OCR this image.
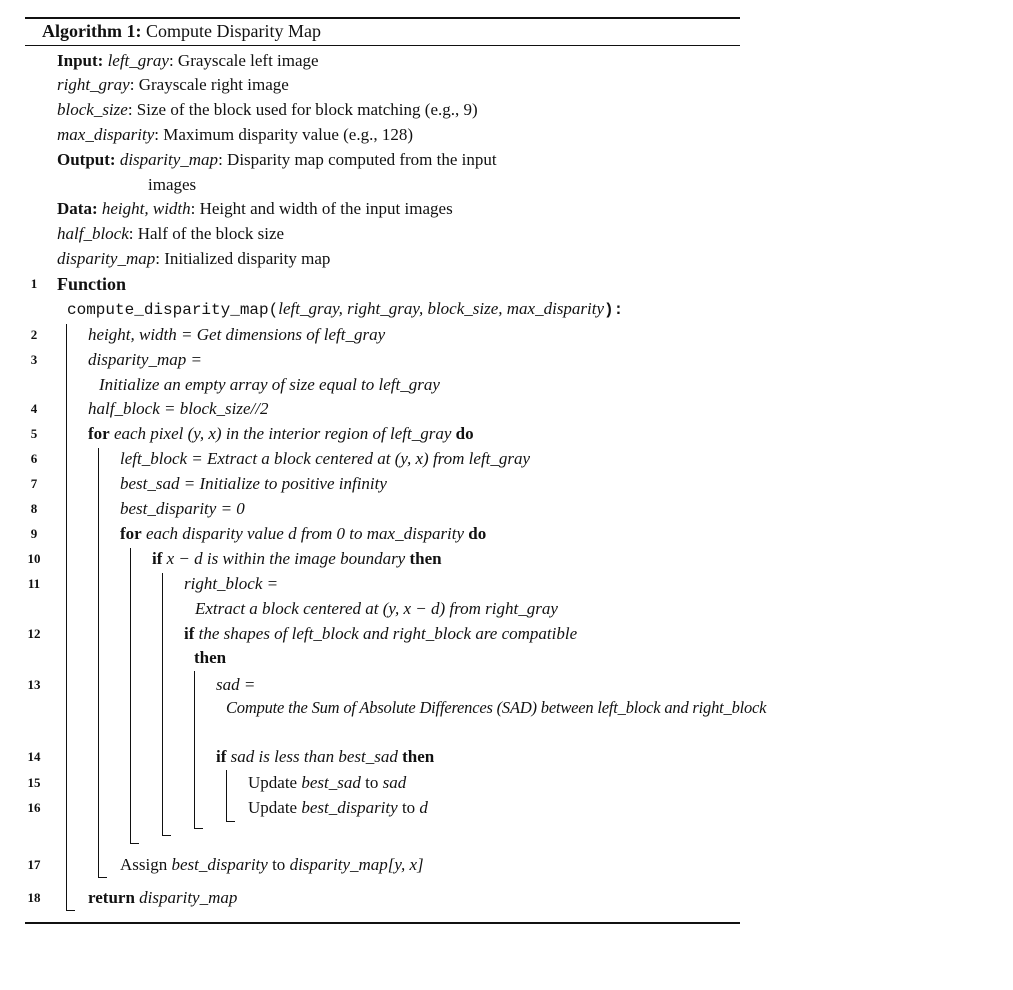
Algorithm 1: Compute Disparity Map
Input: left_gray: Grayscale left image
right_gray: Grayscale right image
block_size: Size of the block used for block matching (e.g., 9)
max_disparity: Maximum disparity value (e.g., 128)
Output: disparity_map: Disparity map computed from the input
images
Data: height, width: Height and width of the input images
half_block: Half of the block size
disparity_map: Initialized disparity map
1	Function
compute_disparity_map(left_gray, right_gray, block_size, max_disparity):
2	height, width = Get dimensions of left_gray
3	disparity_map =
Initialize an empty array of size equal to left_gray
4	half_block = block_size//2
5	for each pixel (y, x) in the interior region of left_gray do
6	left_block = Extract a block centered at (y, x) from left_gray
7	best_sad = Initialize to positive infinity
8	best_disparity = 0
9	for each disparity value d from 0 to max_disparity do
10	if x − d is within the image boundary then
11	right_block =
Extract a block centered at (y, x − d) from right_gray
12	if the shapes of left_block and right_block are compatible
then
13	sad =
Compute the Sum of Absolute Differences (SAD) between left_block and right_block
14	if sad is less than best_sad then
15	Update best_sad to sad
16	Update best_disparity to d
17	Assign best_disparity to disparity_map[y, x]
18	return disparity_map
